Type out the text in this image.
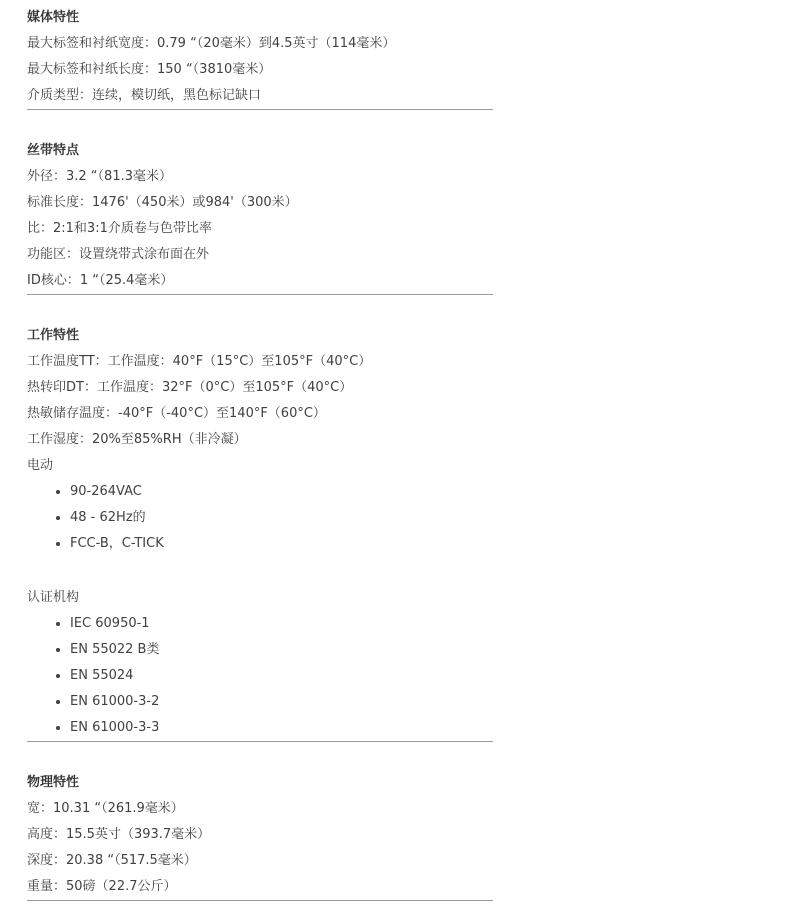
媒体特性

最大标签和衬纸宽度：0.79 “（20毫米）到4.5英寸（114毫米）

最大标签和衬纸长度：150 “（3810毫米）

介质类型：连续，模切纸，黑色标记缺口

丝带特点

外径：3.2 “（81.3毫米）

标准长度：1476'（450米）或984'（300米）

比：2:1和3:1介质卷与色带比率

功能区：设置绕带式涂布面在外

ID核心：1 “（25.4毫米）

工作特性

工作温度TT：工作温度：40°F（15°C）至105°F（40°C）

热转印DT：工作温度：32°F（0°C）至105°F（40°C）

热敏储存温度：-40°F（-40°C）至140°F（60°C）

工作湿度：20%至85%RH（非冷凝）

电动

• 90-264VAC
• 48 - 62Hz的
• FCC-B，C-TICK

认证机构

• IEC 60950-1
• EN 55022 B类
• EN 55024
• EN 61000-3-2
• EN 61000-3-3
物理特性

宽：10.31 “（261.9毫米）

高度：15.5英寸（393.7毫米）

深度：20.38 “（517.5毫米）

重量：50磅（22.7公斤）
